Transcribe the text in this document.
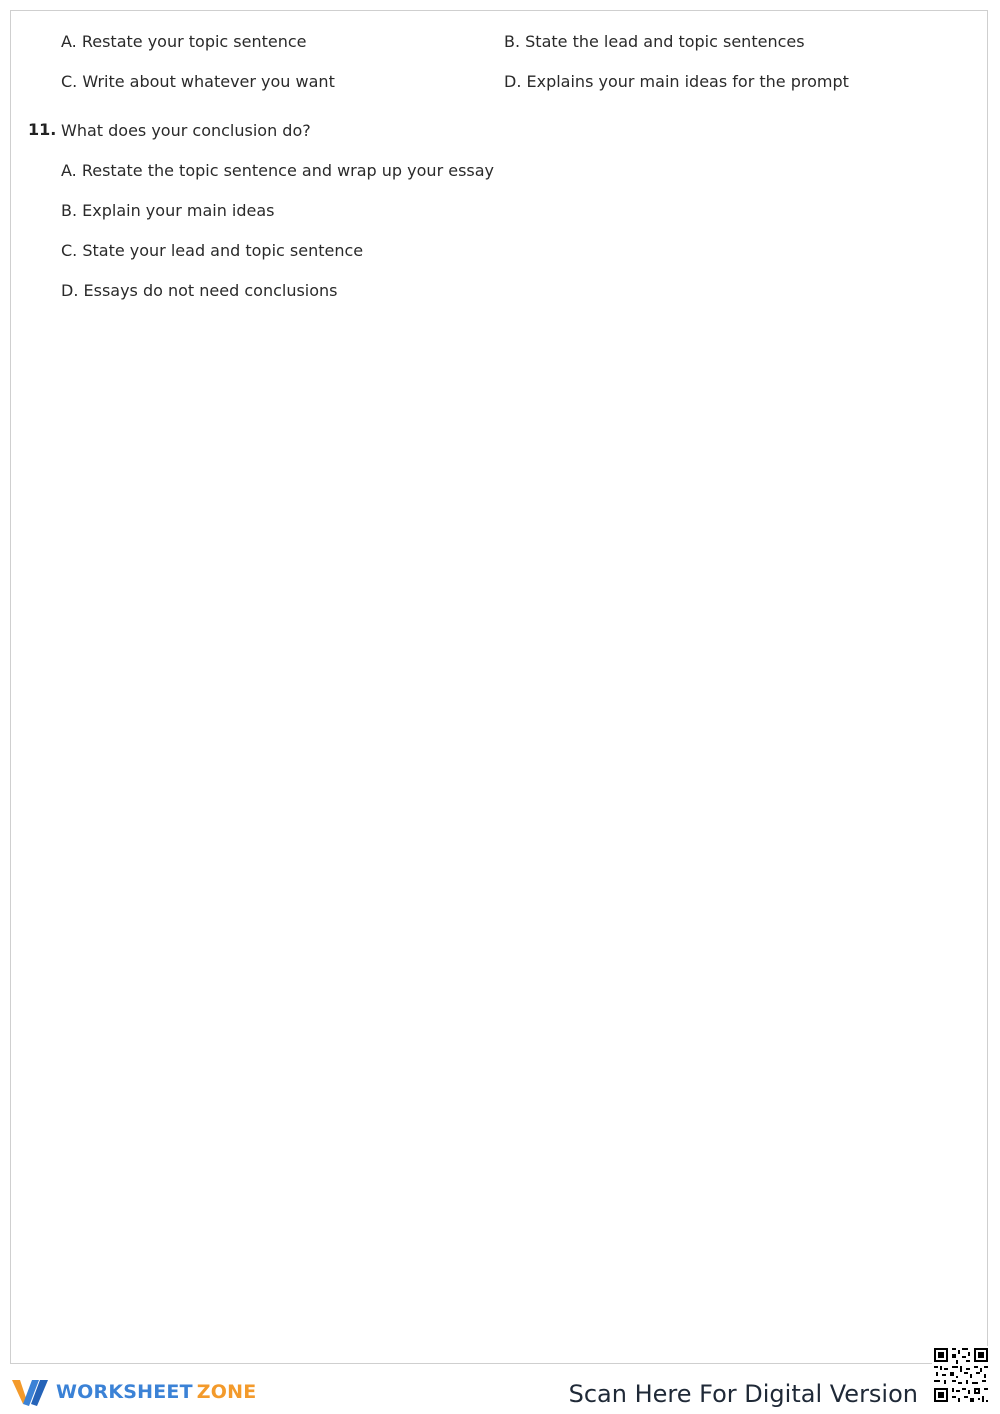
A. Restate your topic sentence	B. State the lead and topic sentences
C. Write about whatever you want	D. Explains your main ideas for the prompt
11. What does your conclusion do?
A. Restate the topic sentence and wrap up your essay
B. Explain your main ideas
C. State your lead and topic sentence
D. Essays do not need conclusions
WORKSHEET ZONE	Scan Here For Digital Version
